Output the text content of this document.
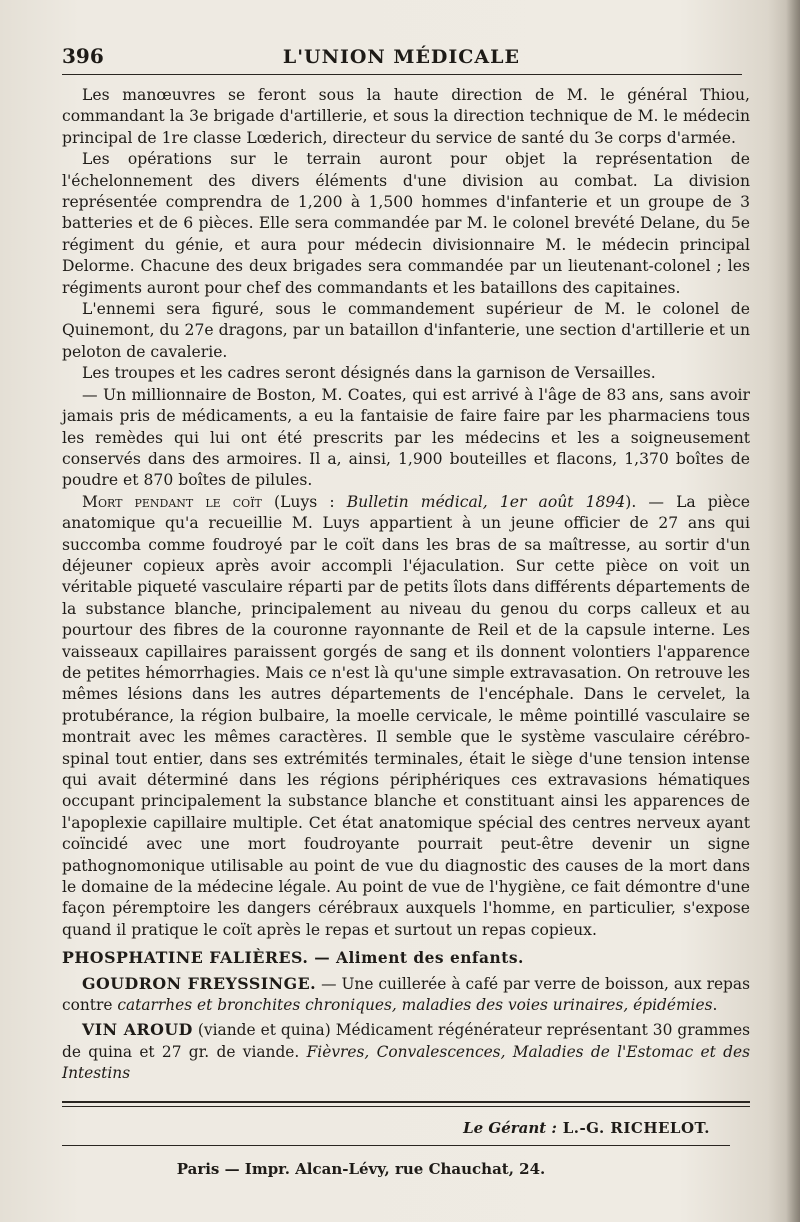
396	L'UNION MÉDICALE

Les manœuvres se feront sous la haute direction de M. le général Thiou, commandant la 3e brigade d'artillerie, et sous la direction technique de M. le médecin principal de 1re classe Lœderich, directeur du service de santé du 3e corps d'armée.

Les opérations sur le terrain auront pour objet la représentation de l'échelonnement des divers éléments d'une division au combat. La division représentée comprendra de 1,200 à 1,500 hommes d'infanterie et un groupe de 3 batteries et de 6 pièces. Elle sera commandée par M. le colonel brevété Delane, du 5e régiment du génie, et aura pour médecin divisionnaire M. le médecin principal Delorme. Chacune des deux brigades sera commandée par un lieutenant-colonel ; les régiments auront pour chef des commandants et les bataillons des capitaines.

L'ennemi sera figuré, sous le commandement supérieur de M. le colonel de Quinemont, du 27e dragons, par un bataillon d'infanterie, une section d'artillerie et un peloton de cavalerie.

Les troupes et les cadres seront désignés dans la garnison de Versailles.

— Un millionnaire de Boston, M. Coates, qui est arrivé à l'âge de 83 ans, sans avoir jamais pris de médicaments, a eu la fantaisie de faire faire par les pharmaciens tous les remèdes qui lui ont été prescrits par les médecins et les a soigneusement conservés dans des armoires. Il a, ainsi, 1,900 bouteilles et flacons, 1,370 boîtes de poudre et 870 boîtes de pilules.

Mort pendant le coït (Luys : Bulletin médical, 1er août 1894). — La pièce anatomique qu'a recueillie M. Luys appartient à un jeune officier de 27 ans qui succomba comme foudroyé par le coït dans les bras de sa maîtresse, au sortir d'un déjeuner copieux après avoir accompli l'éjaculation. Sur cette pièce on voit un véritable piqueté vasculaire réparti par de petits îlots dans différents départements de la substance blanche, principalement au niveau du genou du corps calleux et au pourtour des fibres de la couronne rayonnante de Reil et de la capsule interne. Les vaisseaux capillaires paraissent gorgés de sang et ils donnent volontiers l'apparence de petites hémorrhagies. Mais ce n'est là qu'une simple extravasation. On retrouve les mêmes lésions dans les autres départements de l'encéphale. Dans le cervelet, la protubérance, la région bulbaire, la moelle cervicale, le même pointillé vasculaire se montrait avec les mêmes caractères. Il semble que le système vasculaire cérébro-spinal tout entier, dans ses extrémités terminales, était le siège d'une tension intense qui avait déterminé dans les régions périphériques ces extravasions hématiques occupant principalement la substance blanche et constituant ainsi les apparences de l'apoplexie capillaire multiple. Cet état anatomique spécial des centres nerveux ayant coïncidé avec une mort foudroyante pourrait peut-être devenir un signe pathognomonique utilisable au point de vue du diagnostic des causes de la mort dans le domaine de la médecine légale. Au point de vue de l'hygiène, ce fait démontre d'une façon péremptoire les dangers cérébraux auxquels l'homme, en particulier, s'expose quand il pratique le coït après le repas et surtout un repas copieux.

PHOSPHATINE FALIÈRES. — Aliment des enfants.

GOUDRON FREYSSINGE. — Une cuillerée à café par verre de boisson, aux repas contre catarrhes et bronchites chroniques, maladies des voies urinaires, épidémies.

VIN AROUD (viande et quina) Médicament régénérateur représentant 30 grammes de quina et 27 gr. de viande. Fièvres, Convalescences, Maladies de l'Estomac et des Intestins

Le Gérant : L.-G. RICHELOT.
Paris — Impr. Alcan-Lévy, rue Chauchat, 24.
